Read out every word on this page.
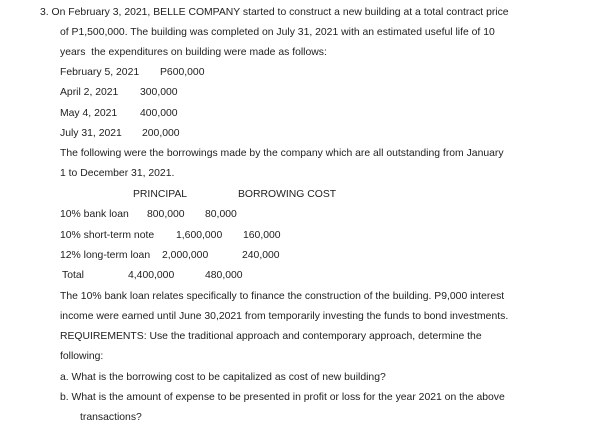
3. On February 3, 2021, BELLE COMPANY started to construct a new building at a total contract price
of P1,500,000. The building was completed on July 31, 2021 with an estimated useful life of 10
years  the expenditures on building were made as follows:
February 5, 2021 P600,000
April 2, 2021 300,000
May 4, 2021 400,000
July 31, 2021 200,000
The following were the borrowings made by the company which are all outstanding from January
1 to December 31, 2021.
PRINCIPAL	BORROWING COST
10% bank loan 800,000 80,000
10% short-term note 1,600,000 160,000
12% long-term loan 2,000,000	240,000
Total	4,400,000	480,000
The 10% bank loan relates specifically to finance the construction of the building. P9,000 interest
income were earned until June 30,2021 from temporarily investing the funds to bond investments.
REQUIREMENTS: Use the traditional approach and contemporary approach, determine the
following:
a. What is the borrowing cost to be capitalized as cost of new building?
b. What is the amount of expense to be presented in profit or loss for the year 2021 on the above
transactions?
